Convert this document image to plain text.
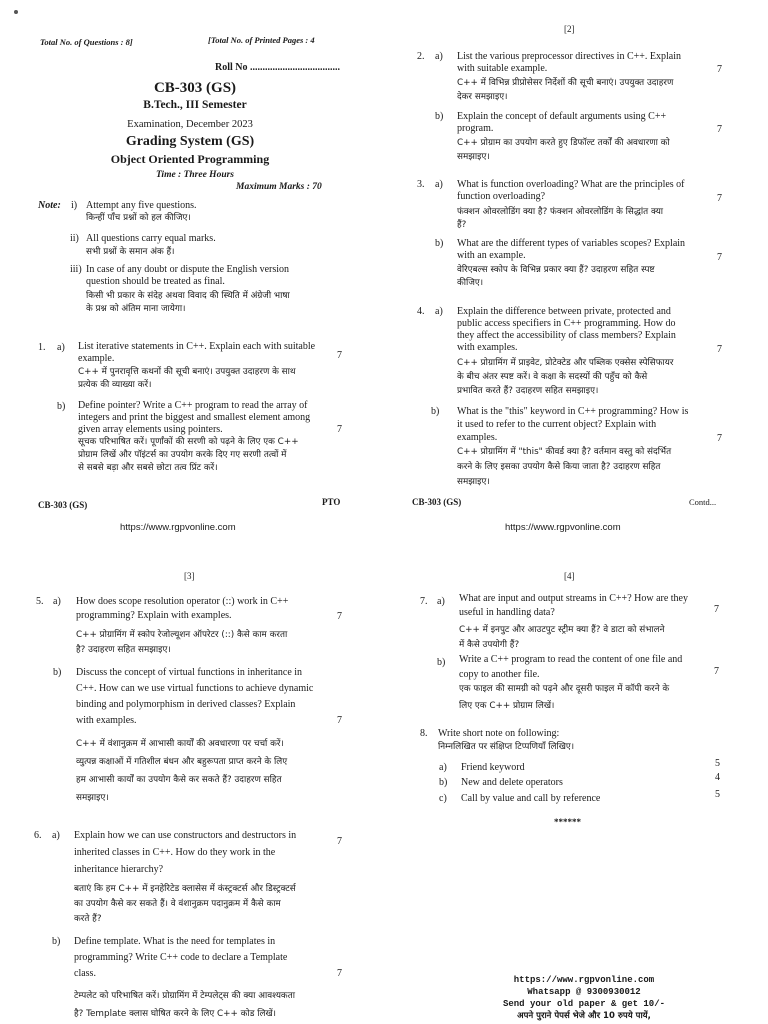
Total No. of Questions : 8]	[Total No. of Printed Pages : 4
Roll No ....................................
CB-303 (GS)
B.Tech., III Semester
Examination, December 2023
Grading System (GS)
Object Oriented Programming
Time : Three Hours
Maximum Marks : 70
Note: i) Attempt any five questions.
किन्हीं पाँच प्रश्नों को हल कीजिए।
ii) All questions carry equal marks.
सभी प्रश्नों के समान अंक हैं।
iii) In case of any doubt or dispute the English version
question should be treated as final.
किसी भी प्रकार के संदेह अथवा विवाद की स्थिति में अंग्रेजी भाषा
के प्रश्न को अंतिम माना जायेगा।
1. a) List iterative statements in C++. Explain each with suitable
example.	7
C++ में पुनरावृत्ति कथनों की सूची बनाएं। उपयुक्त उदाहरण के साथ
प्रत्येक की व्याख्या करें।
b) Define pointer? Write a C++ program to read the array of
integers and print the biggest and smallest element among
given array elements using pointers.	7
सूचक परिभाषित करें। पूर्णांकों की सरणी को पढ़ने के लिए एक C++
प्रोग्राम लिखें और पॉइंटर्स का उपयोग करके दिए गए सरणी तत्वों में
से सबसे बड़ा और सबसे छोटा तत्व प्रिंट करें।
CB-303 (GS)	PTO
https://www.rgpvonline.com
[2]
2. a) List the various preprocessor directives in C++. Explain
with suitable example.	7
C++ में विभिन्न प्रीप्रोसेसर निर्देशों की सूची बनाएं। उपयुक्त उदाहरण
देकर समझाइए।
b) Explain the concept of default arguments using C++
program.	7
C++ प्रोग्राम का उपयोग करते हुए डिफॉल्ट तर्कों की अवधारणा को
समझाइए।
3. a) What is function overloading? What are the principles of
function overloading?	7
फंक्शन ओवरलोडिंग क्या है? फंक्शन ओवरलोडिंग के सिद्धांत क्या
हैं?
b) What are the different types of variables scopes? Explain
with an example.	7
वेरिएबल्स स्कोप के विभिन्न प्रकार क्या हैं? उदाहरण सहित स्पष्ट
कीजिए।
4. a) Explain the difference between private, protected and
public access specifiers in C++ programming. How do
they affect the accessibility of class members? Explain
with examples.	7
C++ प्रोग्रामिंग में प्राइवेट, प्रोटेक्टेड और पब्लिक एक्सेस स्पेसिफायर
के बीच अंतर स्पष्ट करें। वे कक्षा के सदस्यों की पहुँच को कैसे
प्रभावित करते हैं? उदाहरण सहित समझाइए।
b) What is the "this" keyword in C++ programming? How is
it used to refer to the current object? Explain with
examples.	7
C++ प्रोग्रामिंग में "this" कीवर्ड क्या है? वर्तमान वस्तु को संदर्भित
करने के लिए इसका उपयोग कैसे किया जाता है? उदाहरण सहित
समझाइए।
CB-303 (GS)	Contd...
https://www.rgpvonline.com
[3]
5. a) How does scope resolution operator (::) work in C++
programming? Explain with examples.	7
C++ प्रोग्रामिंग में स्कोप रेजोल्यूशन ऑपरेटर (::) कैसे काम करता
है? उदाहरण सहित समझाइए।
b) Discuss the concept of virtual functions in inheritance in
C++. How can we use virtual functions to achieve dynamic
binding and polymorphism in derived classes? Explain
with examples.	7
C++ में वंशानुक्रम में आभासी कार्यों की अवधारणा पर चर्चा करें।
व्युत्पन्न कक्षाओं में गतिशील बंधन और बहुरूपता प्राप्त करने के लिए
हम आभासी कार्यों का उपयोग कैसे कर सकते हैं? उदाहरण सहित
समझाइए।
6. a) Explain how we can use constructors and destructors in
inherited classes in C++. How do they work in the
inheritance hierarchy?
7
बताएं कि हम C++ में इनहेरिटेड क्लासेस में कंस्ट्रक्टर्स और डिस्ट्रक्टर्स
का उपयोग कैसे कर सकते हैं। वे वंशानुक्रम पदानुक्रम में कैसे काम
करते हैं?
b) Define template. What is the need for templates in
programming? Write C++ code to declare a Template
class.	7
टेम्पलेट को परिभाषित करें। प्रोग्रामिंग में टेम्पलेट्स की क्या आवश्यकता
है? Template क्लास घोषित करने के लिए C++ कोड लिखें।
[4]
7. a) What are input and output streams in C++? How are they
useful in handling data?	7
C++ में इनपुट और आउटपुट स्ट्रीम क्या हैं? वे डाटा को संभालने
में कैसे उपयोगी हैं?
b) Write a C++ program to read the content of one file and
copy to another file.	7
एक फाइल की सामग्री को पढ़ने और दूसरी फाइल में कॉपी करने के
लिए एक C++ प्रोग्राम लिखें।
8. Write short note on following:
निम्नलिखित पर संक्षिप्त टिप्पणियाँ लिखिए।
a) Friend keyword	5
b) New and delete operators	4
c) Call by value and call by reference	5
******
https://www.rgpvonline.com
Whatsapp @ 9300930012
Send your old paper & get 10/-
अपने पुराने पेपर्स भेजे और 10 रुपये पायें,
